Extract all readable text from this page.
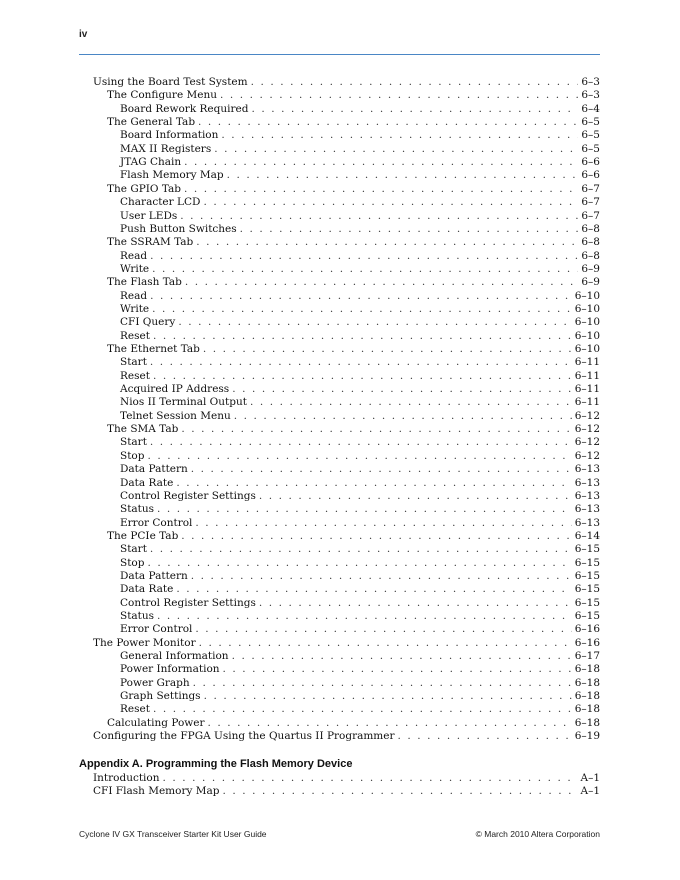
iv
Using the Board Test System . . .	6–3
The Configure Menu . . .	6–3
Board Rework Required . . .	6–4
The General Tab . . .	6–5
Board Information . . .	6–5
MAX II Registers . . .	6–5
JTAG Chain . . .	6–6
Flash Memory Map . . .	6–6
The GPIO Tab . . .	6–7
Character LCD . . .	6–7
User LEDs . . .	6–7
Push Button Switches . . .	6–8
The SSRAM Tab . . .	6–8
Read . . .	6–8
Write . . .	6–9
The Flash Tab . . .	6–9
Read . . .	6–10
Write . . .	6–10
CFI Query . . .	6–10
Reset . . .	6–10
The Ethernet Tab . . .	6–10
Start . . .	6–11
Reset . . .	6–11
Acquired IP Address . . .	6–11
Nios II Terminal Output . . .	6–11
Telnet Session Menu . . .	6–12
The SMA Tab . . .	6–12
Start . . .	6–12
Stop . . .	6–12
Data Pattern . . .	6–13
Data Rate . . .	6–13
Control Register Settings . . .	6–13
Status . . .	6–13
Error Control . . .	6–13
The PCIe Tab . . .	6–14
Start . . .	6–15
Stop . . .	6–15
Data Pattern . . .	6–15
Data Rate . . .	6–15
Control Register Settings . . .	6–15
Status . . .	6–15
Error Control . . .	6–16
The Power Monitor . . .	6–16
General Information . . .	6–17
Power Information . . .	6–18
Power Graph . . .	6–18
Graph Settings . . .	6–18
Reset . . .	6–18
Calculating Power . . .	6–18
Configuring the FPGA Using the Quartus II Programmer . . .	6–19
Appendix A. Programming the Flash Memory Device
Introduction . . .	A–1
CFI Flash Memory Map . . .	A–1
Cyclone IV GX Transceiver Starter Kit User Guide	© March 2010 Altera Corporation
